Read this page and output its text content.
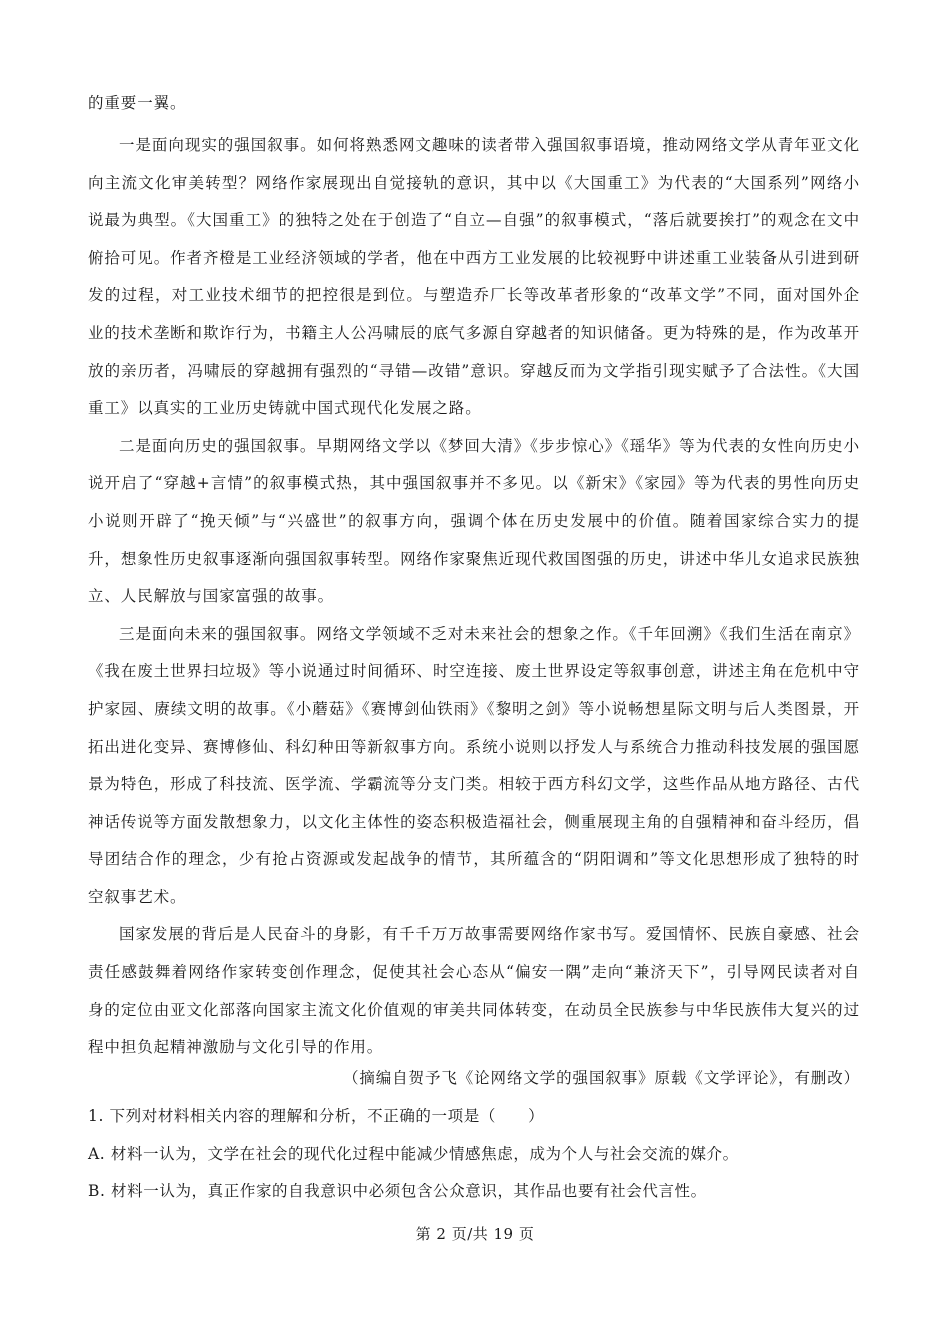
的重要一翼。

一是面向现实的强国叙事。如何将熟悉网文趣味的读者带入强国叙事语境，推动网络文学从青年亚文化向主流文化审美转型？网络作家展现出自觉接轨的意识，其中以《大国重工》为代表的“大国系列”网络小说最为典型。《大国重工》的独特之处在于创造了“自立—自强”的叙事模式，“落后就要挨打”的观念在文中俯拾可见。作者齐橙是工业经济领域的学者，他在中西方工业发展的比较视野中讲述重工业装备从引进到研发的过程，对工业技术细节的把控很是到位。与塑造乔厂长等改革者形象的“改革文学”不同，面对国外企业的技术垄断和欺诈行为，书籍主人公冯啸辰的底气多源自穿越者的知识储备。更为特殊的是，作为改革开放的亲历者，冯啸辰的穿越拥有强烈的“寻错—改错”意识。穿越反而为文学指引现实赋予了合法性。《大国重工》以真实的工业历史铸就中国式现代化发展之路。

二是面向历史的强国叙事。早期网络文学以《梦回大清》《步步惊心》《瑶华》等为代表的女性向历史小说开启了“穿越+言情”的叙事模式热，其中强国叙事并不多见。以《新宋》《家园》等为代表的男性向历史小说则开辟了“挽天倾”与“兴盛世”的叙事方向，强调个体在历史发展中的价值。随着国家综合实力的提升，想象性历史叙事逐渐向强国叙事转型。网络作家聚焦近现代救国图强的历史，讲述中华儿女追求民族独立、人民解放与国家富强的故事。

三是面向未来的强国叙事。网络文学领域不乏对未来社会的想象之作。《千年回溯》《我们生活在南京》《我在废土世界扫垃圾》等小说通过时间循环、时空连接、废土世界设定等叙事创意，讲述主角在危机中守护家园、赓续文明的故事。《小蘑菇》《赛博剑仙铁雨》《黎明之剑》等小说畅想星际文明与后人类图景，开拓出进化变异、赛博修仙、科幻种田等新叙事方向。系统小说则以抒发人与系统合力推动科技发展的强国愿景为特色，形成了科技流、医学流、学霸流等分支门类。相较于西方科幻文学，这些作品从地方路径、古代神话传说等方面发散想象力，以文化主体性的姿态积极造福社会，侧重展现主角的自强精神和奋斗经历，倡导团结合作的理念，少有抢占资源或发起战争的情节，其所蕴含的“阴阳调和”等文化思想形成了独特的时空叙事艺术。

国家发展的背后是人民奋斗的身影，有千千万万故事需要网络作家书写。爱国情怀、民族自豪感、社会责任感鼓舞着网络作家转变创作理念，促使其社会心态从“偏安一隅”走向“兼济天下”，引导网民读者对自身的定位由亚文化部落向国家主流文化价值观的审美共同体转变，在动员全民族参与中华民族伟大复兴的过程中担负起精神激励与文化引导的作用。

（摘编自贺予飞《论网络文学的强国叙事》原载《文学评论》，有删改）
1. 下列对材料相关内容的理解和分析，不正确的一项是（　　）
A. 材料一认为，文学在社会的现代化过程中能减少情感焦虑，成为个人与社会交流的媒介。
B. 材料一认为，真正作家的自我意识中必须包含公众意识，其作品也要有社会代言性。
第 2 页/共 19 页
